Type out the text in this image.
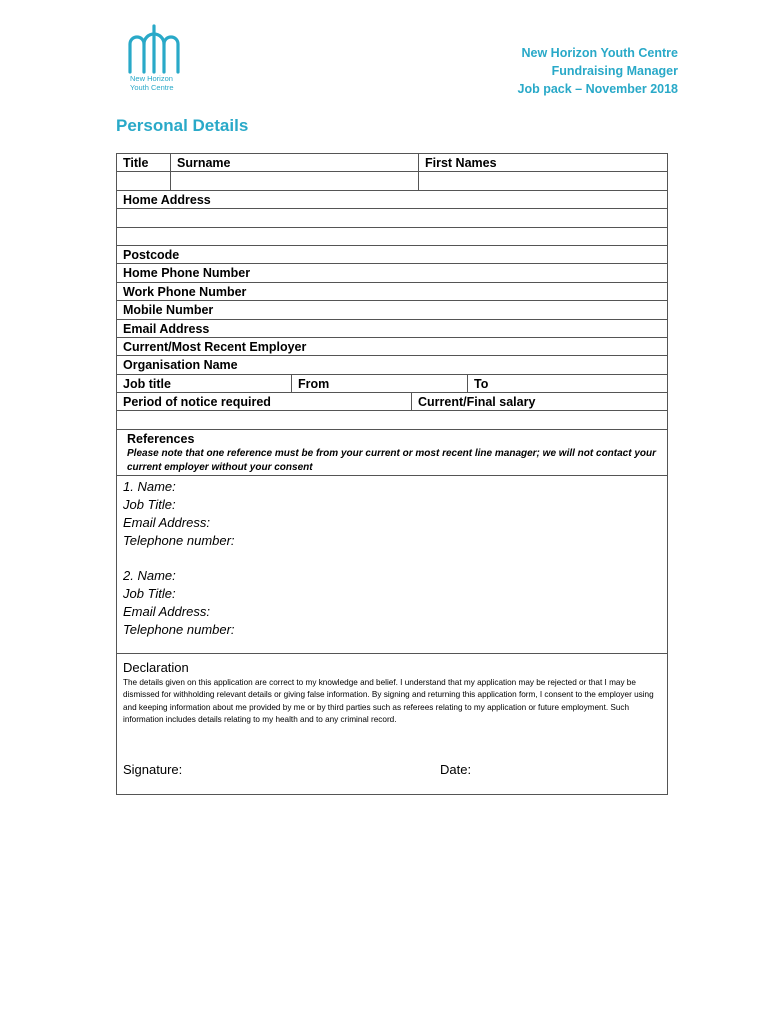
New Horizon
Youth Centre
New Horizon Youth Centre
Fundraising Manager
Job pack – November 2018
Personal Details
Title	Surname	First Names
Home Address
Postcode
Home Phone Number
Work Phone Number
Mobile Number
Email Address
Current/Most Recent Employer
Organisation Name
Job title	From	To
Period of notice required	Current/Final salary
References
Please note that one reference must be from your current or most recent line manager; we will not contact your current employer without your consent
1. Name:
Job Title:
Email Address:
Telephone number:
2. Name:
Job Title:
Email Address:
Telephone number:
Declaration
The details given on this application are correct to my knowledge and belief. I understand that my application may be rejected or that I may be dismissed for withholding relevant details or giving false information. By signing and returning this application form, I consent to the employer using and keeping information about me provided by me or by third parties such as referees relating to my application or future employment. Such information includes details relating to my health and to any criminal record.
Signature:	Date:
